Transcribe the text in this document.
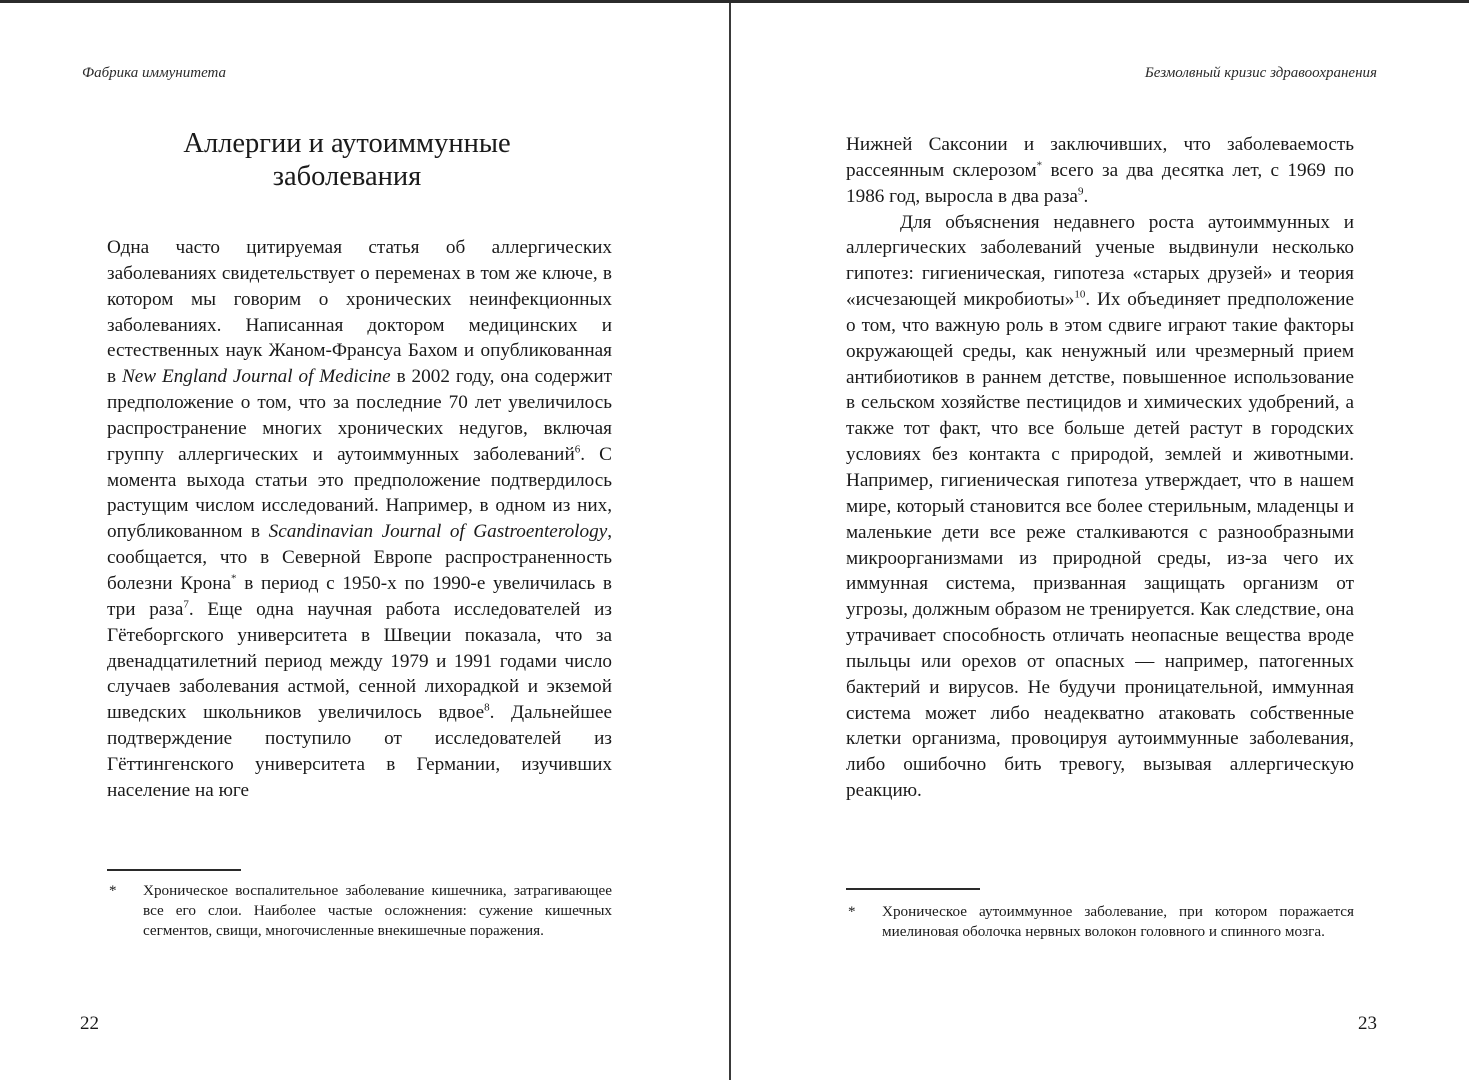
Фабрика иммунитета
Аллергии и аутоиммунные
заболевания

Одна часто цитируемая статья об аллергических заболеваниях свидетельствует о переменах в том же ключе, в котором мы говорим о хронических неинфекционных заболеваниях. Написанная доктором медицинских и естественных наук Жаном-Франсуа Бахом и опубликованная в New England Journal of Medicine в 2002 году, она содержит предположение о том, что за последние 70 лет увеличилось распространение многих хронических недугов, включая группу аллергических и аутоиммунных заболеваний$^6$. С момента выхода статьи это предположение подтвердилось растущим числом исследований. Например, в одном из них, опубликованном в Scandinavian Journal of Gastroenterology, сообщается, что в Северной Европе распространенность болезни Крона* в период с 1950-х по 1990-е увеличилась в три раза$^7$. Еще одна научная работа исследователей из Гётеборгского университета в Швеции показала, что за двенадцатилетний период между 1979 и 1991 годами число случаев заболевания астмой, сенной лихорадкой и экземой шведских школьников увеличилось вдвое$^8$. Дальнейшее подтверждение поступило от исследователей из Гёттингенского университета в Германии, изучивших население на юге

*	Хроническое воспалительное заболевание кишечника, затрагивающее все его слои. Наиболее частые осложнения: сужение кишечных сегментов, свищи, многочисленные внекишечные поражения.
22
Безмолвный кризис здравоохранения

Нижней Саксонии и заключивших, что заболеваемость рассеянным склерозом* всего за два десятка лет, с 1969 по 1986 год, выросла в два раза$^9$.

Для объяснения недавнего роста аутоиммунных и аллергических заболеваний ученые выдвинули несколько гипотез: гигиеническая, гипотеза «старых друзей» и теория «исчезающей микробиоты»$^{10}$. Их объединяет предположение о том, что важную роль в этом сдвиге играют такие факторы окружающей среды, как ненужный или чрезмерный прием антибиотиков в раннем детстве, повышенное использование в сельском хозяйстве пестицидов и химических удобрений, а также тот факт, что все больше детей растут в городских условиях без контакта с природой, землей и животными. Например, гигиеническая гипотеза утверждает, что в нашем мире, который становится все более стерильным, младенцы и маленькие дети все реже сталкиваются с разнообразными микроорганизмами из природной среды, из-за чего их иммунная система, призванная защищать организм от угрозы, должным образом не тренируется. Как следствие, она утрачивает способность отличать неопасные вещества вроде пыльцы или орехов от опасных — например, патогенных бактерий и вирусов. Не будучи проницательной, иммунная система может либо неадекватно атаковать собственные клетки организма, провоцируя аутоиммунные заболевания, либо ошибочно бить тревогу, вызывая аллергическую реакцию.

*	Хроническое аутоиммунное заболевание, при котором поражается миелиновая оболочка нервных волокон головного и спинного мозга.
23
